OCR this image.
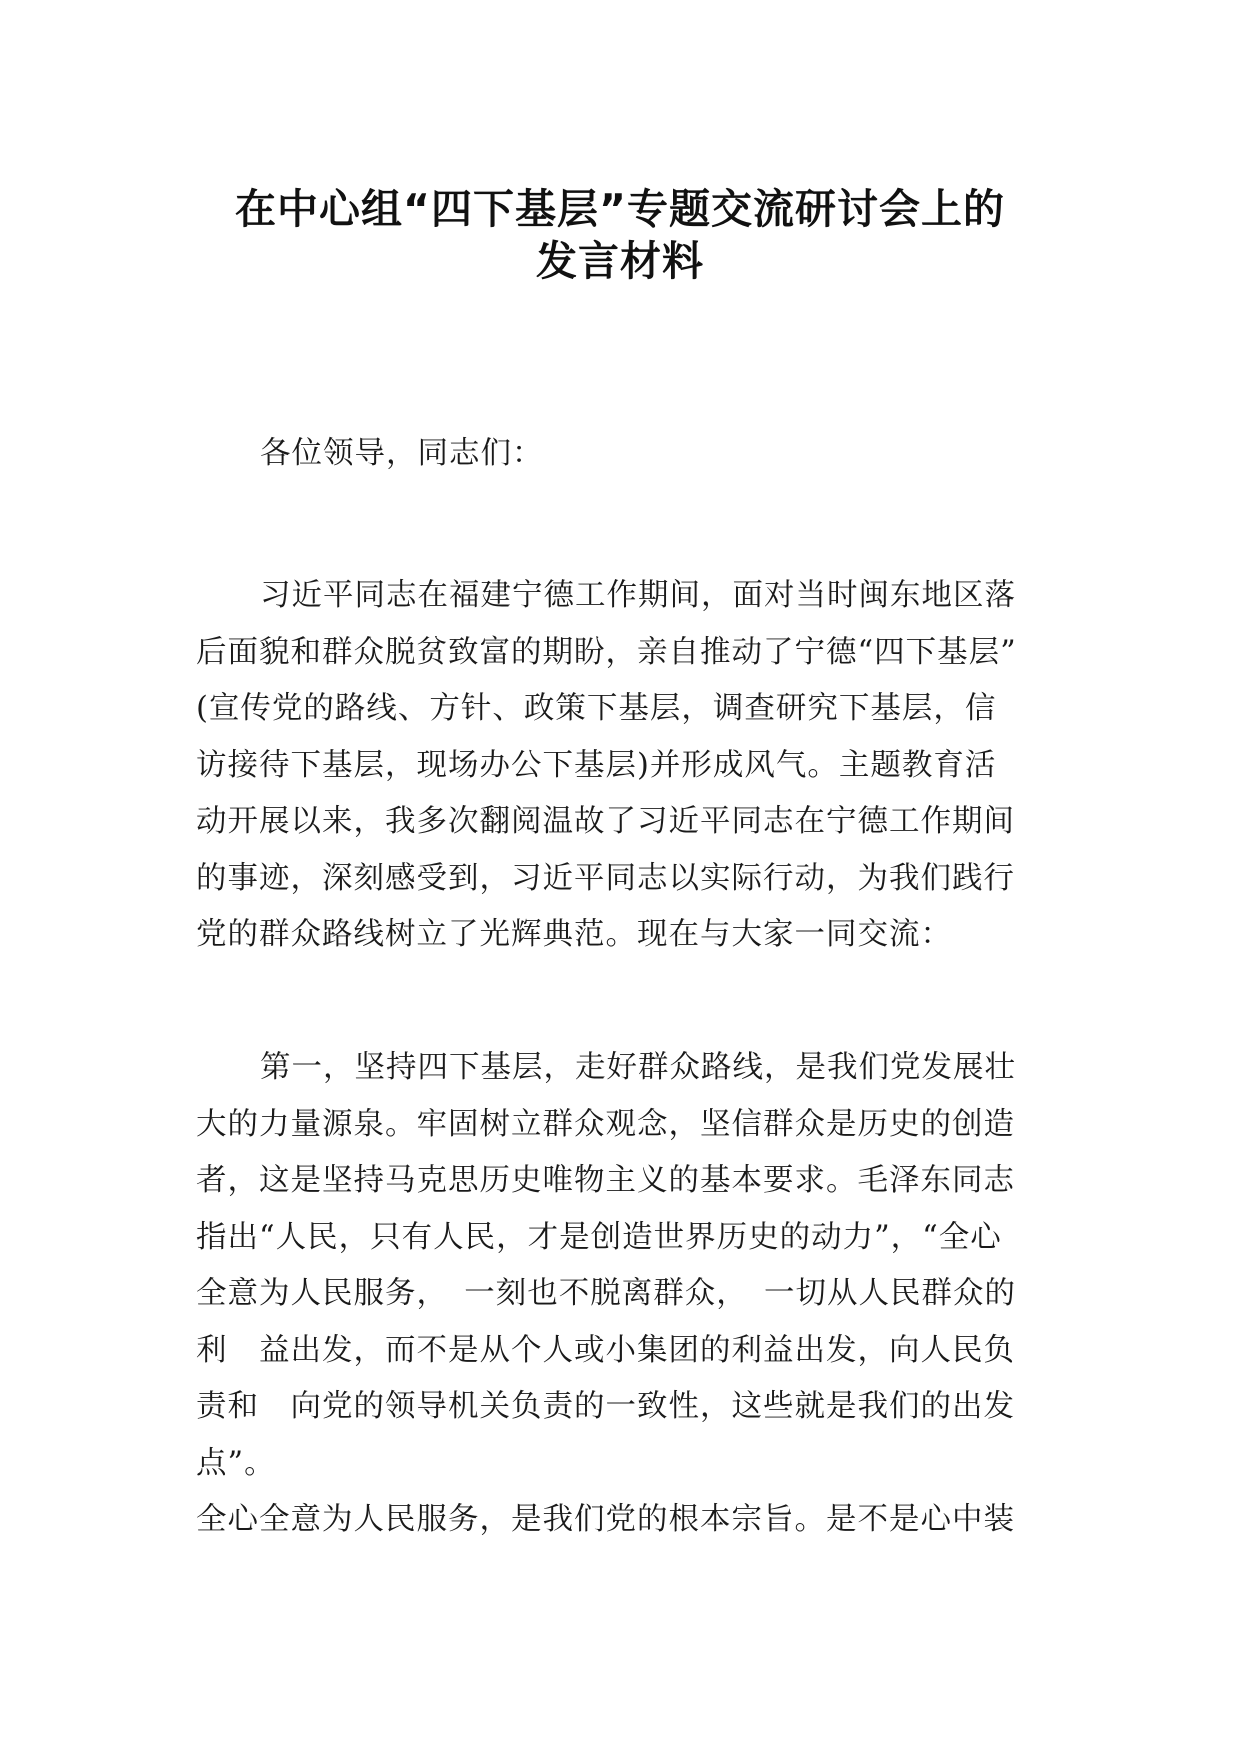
在中心组“四下基层”专题交流研讨会上的
发言材料

各位领导，同志们：

习近平同志在福建宁德工作期间，面对当时闽东地区落
后面貌和群众脱贫致富的期盼，亲自推动了宁德“四下基层”
(宣传党的路线、方针、政策下基层，调查研究下基层，信
访接待下基层，现场办公下基层)并形成风气。主题教育活
动开展以来，我多次翻阅温故了习近平同志在宁德工作期间
的事迹，深刻感受到，习近平同志以实际行动，为我们践行
党的群众路线树立了光辉典范。现在与大家一同交流：
第一，坚持四下基层，走好群众路线，是我们党发展壮
大的力量源泉。牢固树立群众观念，坚信群众是历史的创造
者，这是坚持马克思历史唯物主义的基本要求。毛泽东同志
指出“人民，只有人民，才是创造世界历史的动力”，“全心
全意为人民服务，　一刻也不脱离群众，　一切从人民群众的
利　益出发，而不是从个人或小集团的利益出发，向人民负
责和　向党的领导机关负责的一致性，这些就是我们的出发
点”。
全心全意为人民服务，是我们党的根本宗旨。是不是心中装
